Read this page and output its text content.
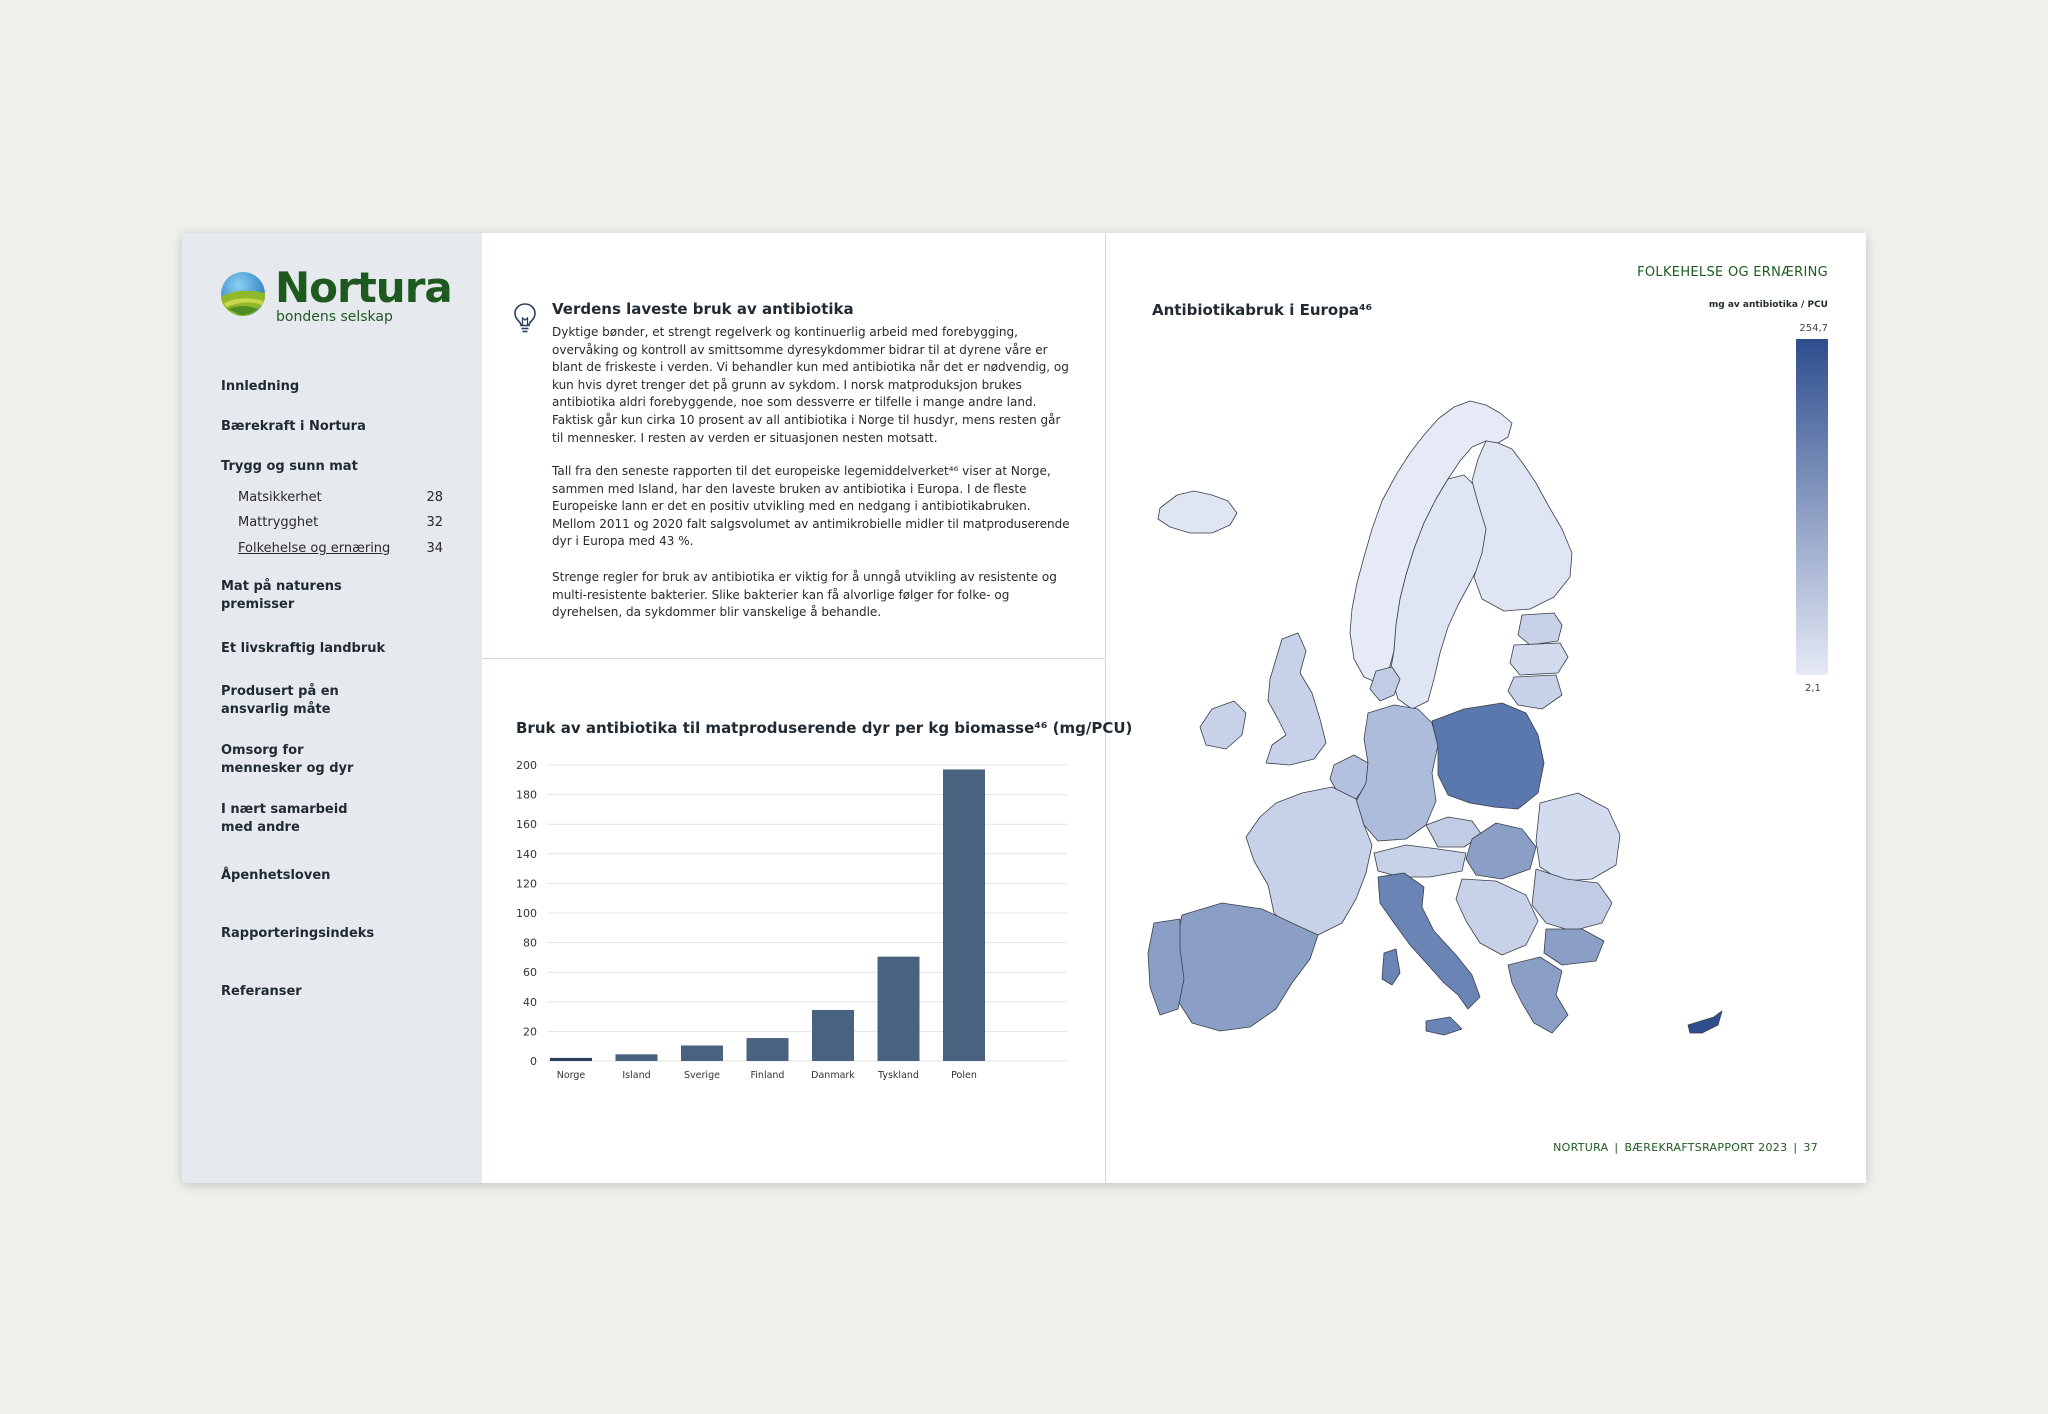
Nortura
bondens selskap
Innledning
Bærekraft i Nortura
Trygg og sunn mat
Matsikkerhet	28
Mattrygghet	32
Folkehelse og ernæring	34
Mat på naturens
premisser
Et livskraftig landbruk
Produsert på en
ansvarlig måte
Omsorg for
mennesker og dyr
I nært samarbeid
med andre
Åpenhetsloven
Rapporteringsindeks
Referanser
Verdens laveste bruk av antibiotika
Dyktige bønder, et strengt regelverk og kontinuerlig arbeid med forebygging, overvåking og kontroll av smittsomme dyresykdommer bidrar til at dyrene våre er blant de friskeste i verden. Vi behandler kun med antibiotika når det er nødvendig, og kun hvis dyret trenger det på grunn av sykdom. I norsk matproduksjon brukes antibiotika aldri forebyggende, noe som dessverre er tilfelle i mange andre land. Faktisk går kun cirka 10 prosent av all antibiotika i Norge til husdyr, mens resten går til mennesker. I resten av verden er situasjonen nesten motsatt.
Tall fra den seneste rapporten til det europeiske legemiddelverket⁴⁶ viser at Norge, sammen med Island, har den laveste bruken av antibiotika i Europa. I de fleste Europeiske lann er det en positiv utvikling med en nedgang i antibiotikabruken. Mellom 2011 og 2020 falt salgsvolumet av antimikrobielle midler til matproduserende dyr i Europa med 43 %.
Strenge regler for bruk av antibiotika er viktig for å unngå utvikling av resistente og multi-resistente bakterier. Slike bakterier kan få alvorlige følger for folke- og dyrehelsen, da sykdommer blir vanskelige å behandle.
Bruk av antibiotika til matproduserende dyr per kg biomasse⁴⁶ (mg/PCU)
0
20
40
60
80
100
120
140
160
180
200
Norge	Island	Sverige	Finland	Danmark Tyskland	Polen
FOLKEHELSE OG ERNÆRING
Antibiotikabruk i Europa⁴⁶	mg av antibiotika / PCU
254,7
2,1
NORTURA | BÆREKRAFTSRAPPORT 2023 | 37
